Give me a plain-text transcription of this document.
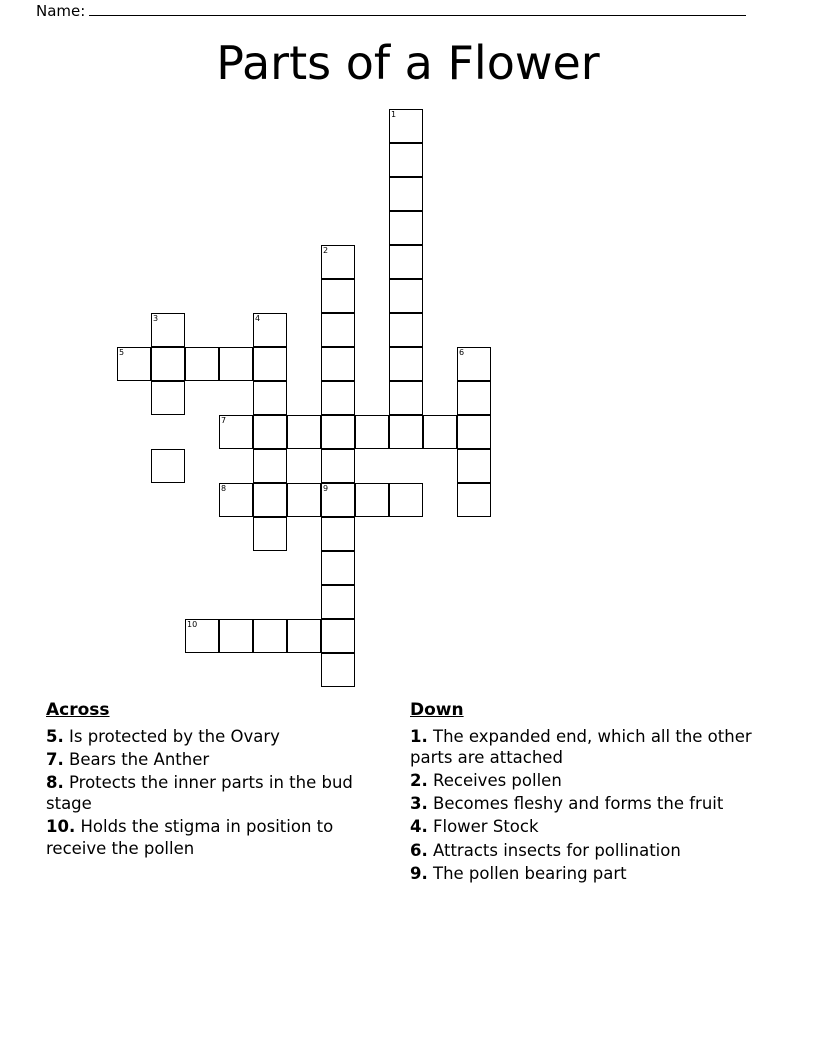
Name:
Parts of a Flower
1
2
3	4
5	6
7
8	9
10
Across
5. Is protected by the Ovary
7. Bears the Anther
8. Protects the inner parts in the bud stage
10. Holds the stigma in position to receive the pollen
Down
1. The expanded end, which all the other parts are attached
2. Receives pollen
3. Becomes fleshy and forms the fruit
4. Flower Stock
6. Attracts insects for pollination
9. The pollen bearing part
